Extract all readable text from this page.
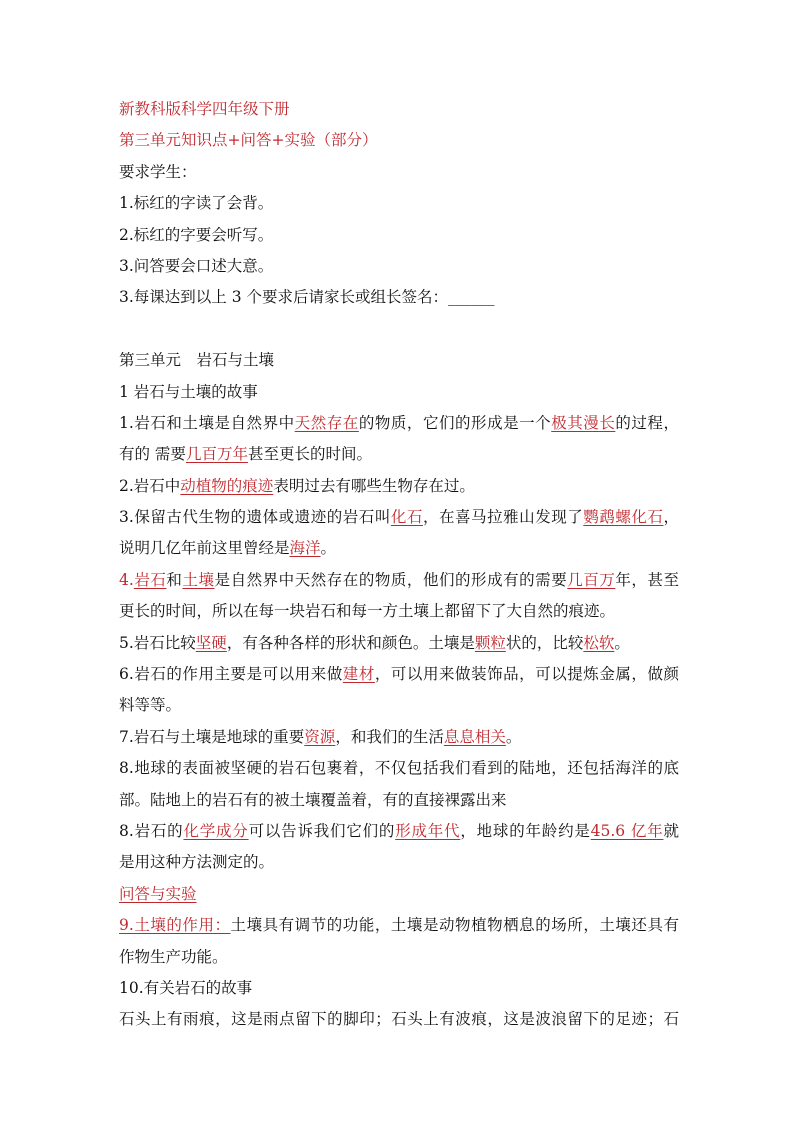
新教科版科学四年级下册
第三单元知识点+问答+实验（部分）
要求学生：
1.标红的字读了会背。
2.标红的字要会听写。
3.问答要会口述大意。
3.每课达到以上 3 个要求后请家长或组长签名：______
第三单元　岩石与土壤
1 岩石与土壤的故事
1.岩石和土壤是自然界中天然存在的物质，它们的形成是一个极其漫长的过程，
有的 需要几百万年甚至更长的时间。
2.岩石中动植物的痕迹表明过去有哪些生物存在过。
3.保留古代生物的遗体或遗迹的岩石叫化石，在喜马拉雅山发现了鹦鹉螺化石，
说明几亿年前这里曾经是海洋。
4.岩石和土壤是自然界中天然存在的物质，他们的形成有的需要几百万年，甚至
更长的时间，所以在每一块岩石和每一方土壤上都留下了大自然的痕迹。
5.岩石比较坚硬，有各种各样的形状和颜色。土壤是颗粒状的，比较松软。
6.岩石的作用主要是可以用来做建材，可以用来做装饰品，可以提炼金属，做颜
料等等。
7.岩石与土壤是地球的重要资源，和我们的生活息息相关。
8.地球的表面被坚硬的岩石包裹着，不仅包括我们看到的陆地，还包括海洋的底
部。陆地上的岩石有的被土壤覆盖着，有的直接裸露出来
8.岩石的化学成分可以告诉我们它们的形成年代，地球的年龄约是45.6 亿年就
是用这种方法测定的。
问答与实验
9.土壤的作用：土壤具有调节的功能，土壤是动物植物栖息的场所，土壤还具有
作物生产功能。
10.有关岩石的故事
石头上有雨痕，这是雨点留下的脚印；石头上有波痕，这是波浪留下的足迹；石
